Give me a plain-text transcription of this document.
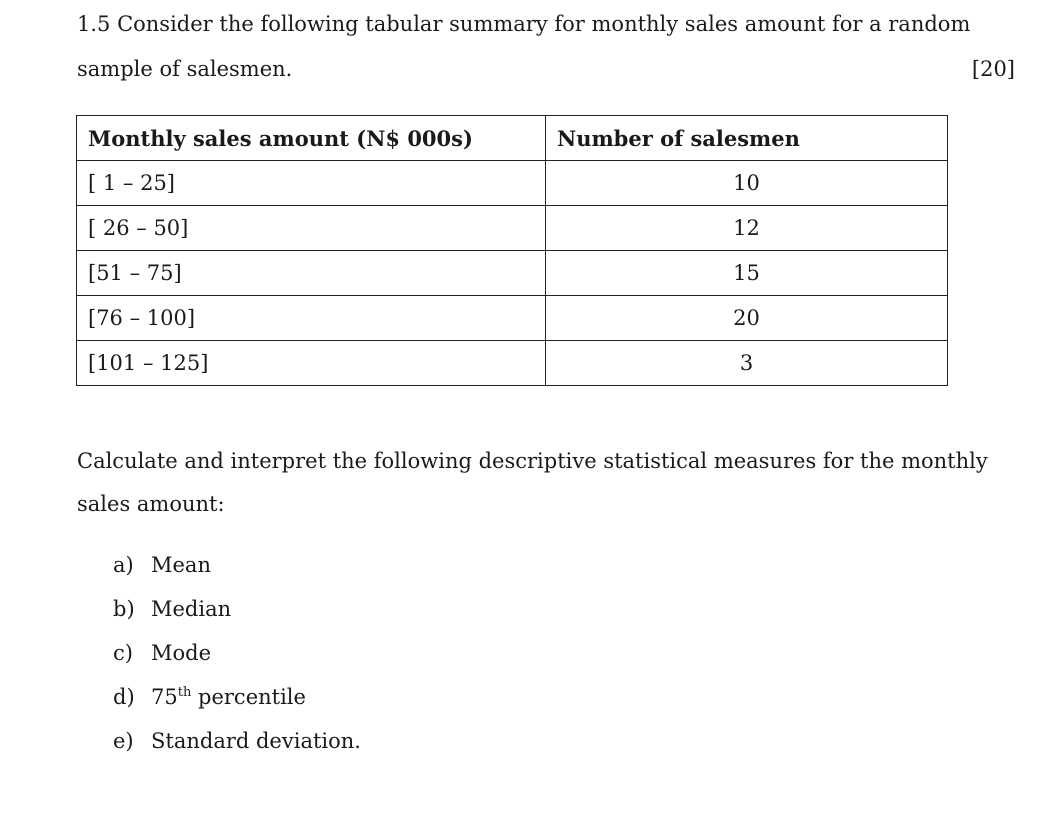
1.5 Consider the following tabular summary for monthly sales amount for a random
sample of salesmen.	[20]
Monthly sales amount (N$ 000s)	Number of salesmen
[ 1 – 25]	10
[ 26 – 50]	12
[51 – 75]	15
[76 – 100]	20
[101 – 125]	3
Calculate and interpret the following descriptive statistical measures for the monthly
sales amount:
a) Mean
b) Median
c) Mode
d) 75th percentile
e) Standard deviation.
